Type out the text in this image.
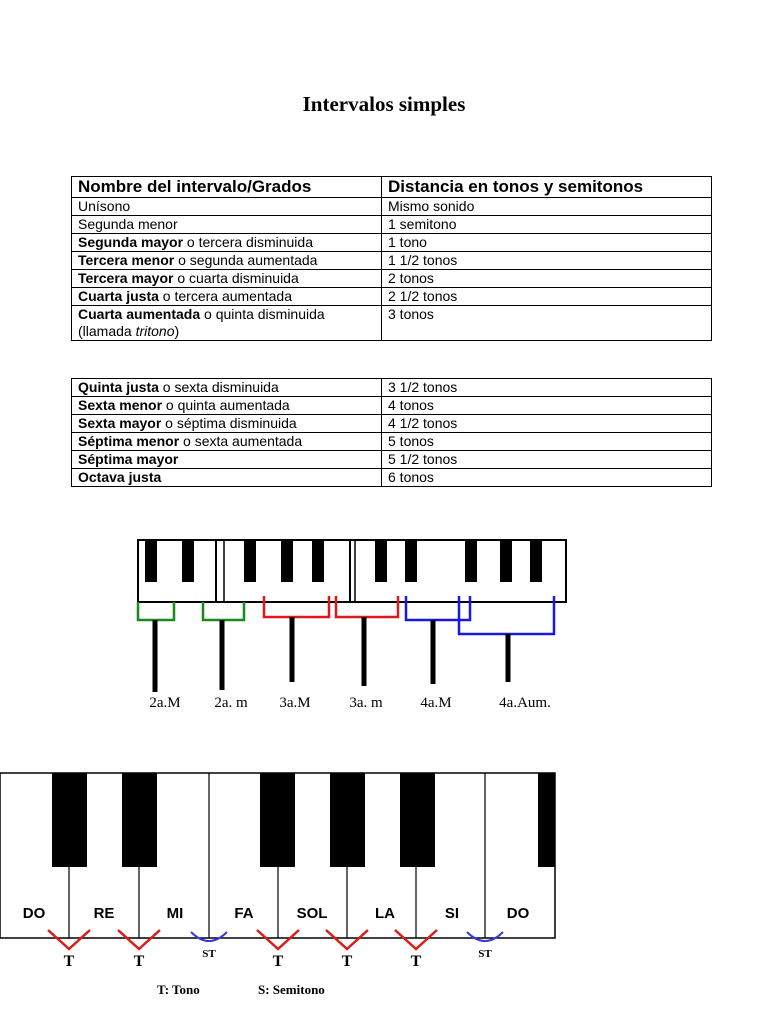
Intervalos simples
Nombre del intervalo/Grados	Distancia en tonos y semitonos
Unísono	Mismo sonido
Segunda menor	1 semitono
Segunda mayor o tercera disminuida	1 tono
Tercera menor o segunda aumentada	1 1/2 tonos
Tercera mayor o cuarta disminuida	2 tonos
Cuarta justa o tercera aumentada	2 1/2 tonos
Cuarta aumentada o quinta disminuida
(llamada tritono)	3 tonos
Quinta justa o sexta disminuida	3 1/2 tonos
Sexta menor o quinta aumentada	4 tonos
Sexta mayor o séptima disminuida	4 1/2 tonos
Séptima menor o sexta aumentada	5 tonos
Séptima mayor	5 1/2 tonos
Octava justa	6 tonos
2a.M 2a. m 3a.M	3a. m	4a.M	4a.Aum.
DO	RE	MI	FA	SOL	LA	SI	DO
T	T	ST	T	T	T	ST
T: Tono	S: Semitono
